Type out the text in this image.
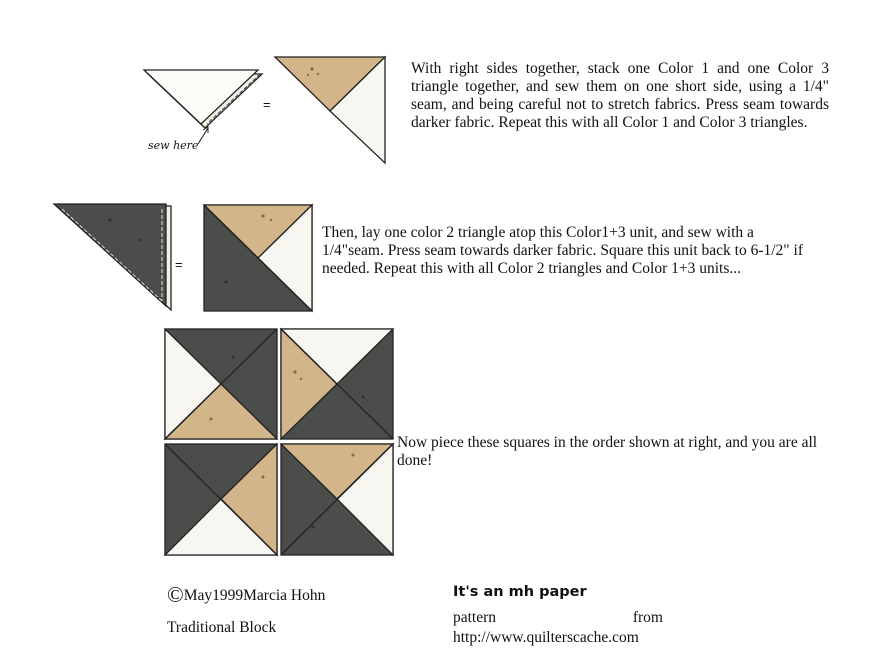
sew here
=
With right sides together, stack one Color 1 and one Color 3 triangle together, and sew them on one short side, using a 1/4" seam, and being careful not to stretch fabrics. Press seam towards darker fabric. Repeat this with all Color 1 and Color 3 triangles.
=
Then, lay one color 2 triangle atop this Color1+3 unit, and sew with a 1/4"seam. Press seam towards darker fabric. Square this unit back to 6-1/2" if needed. Repeat this with all Color 2 triangles and Color 1+3 units...
Now piece these squares in the order shown at right, and you are all done!
©May1999Marcia Hohn
Traditional Block
It's an mh paper
pattern	from
http://www.quilterscache.com
